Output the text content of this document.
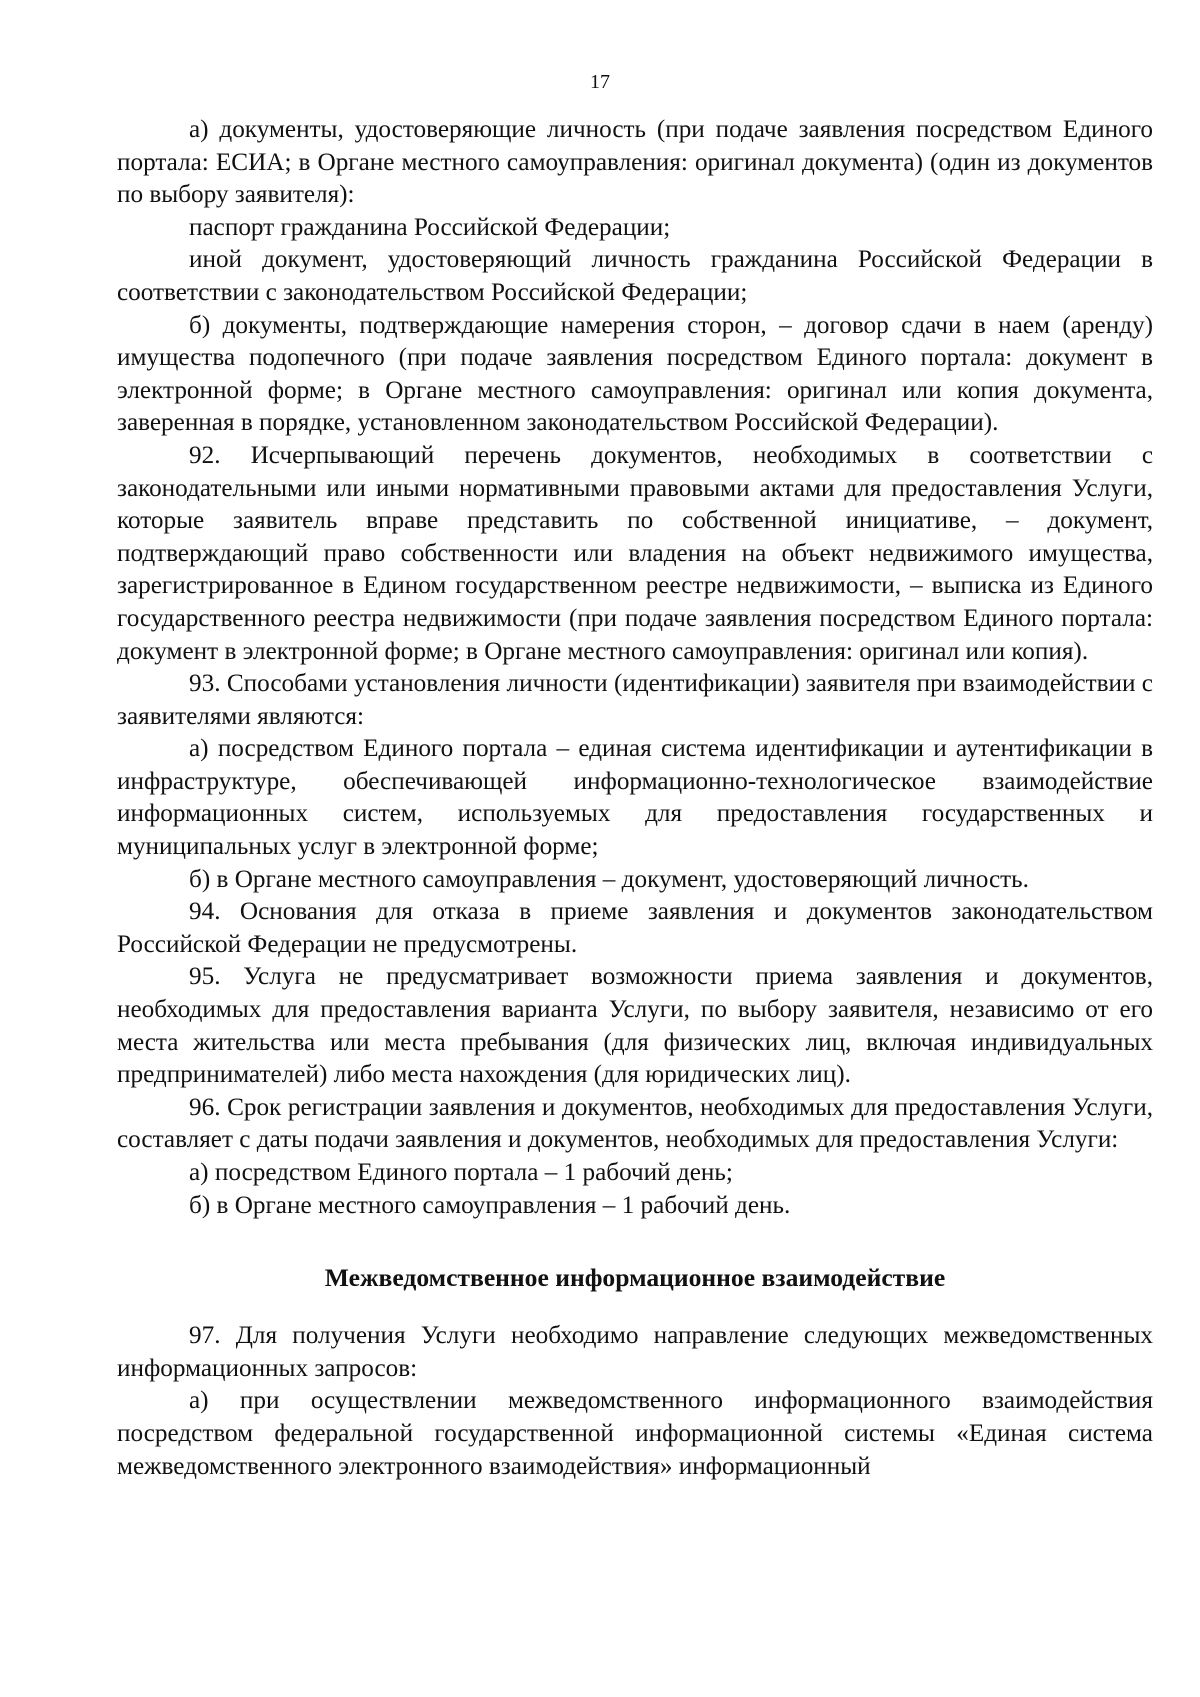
17

а) документы, удостоверяющие личность (при подаче заявления посредством Единого портала: ЕСИА; в Органе местного самоуправления: оригинал документа) (один из документов по выбору заявителя):

паспорт гражданина Российской Федерации;

иной документ, удостоверяющий личность гражданина Российской Федерации в соответствии с законодательством Российской Федерации;

б) документы, подтверждающие намерения сторон, – договор сдачи в наем (аренду) имущества подопечного (при подаче заявления посредством Единого портала: документ в электронной форме; в Органе местного самоуправления: оригинал или копия документа, заверенная в порядке, установленном законодательством Российской Федерации).

92. Исчерпывающий перечень документов, необходимых в соответствии с законодательными или иными нормативными правовыми актами для предоставления Услуги, которые заявитель вправе представить по собственной инициативе, – документ, подтверждающий право собственности или владения на объект недвижимого имущества, зарегистрированное в Едином государственном реестре недвижимости, – выписка из Единого государственного реестра недвижимости (при подаче заявления посредством Единого портала: документ в электронной форме; в Органе местного самоуправления: оригинал или копия).

93. Способами установления личности (идентификации) заявителя при взаимодействии с заявителями являются:

а) посредством Единого портала – единая система идентификации и аутентификации в инфраструктуре, обеспечивающей информационно-технологическое взаимодействие информационных систем, используемых для предоставления государственных и муниципальных услуг в электронной форме;

б) в Органе местного самоуправления – документ, удостоверяющий личность.

94. Основания для отказа в приеме заявления и документов законодательством Российской Федерации не предусмотрены.

95. Услуга не предусматривает возможности приема заявления и документов, необходимых для предоставления варианта Услуги, по выбору заявителя, независимо от его места жительства или места пребывания (для физических лиц, включая индивидуальных предпринимателей) либо места нахождения (для юридических лиц).

96. Срок регистрации заявления и документов, необходимых для предоставления Услуги, составляет с даты подачи заявления и документов, необходимых для предоставления Услуги:

а) посредством Единого портала – 1 рабочий день;

б) в Органе местного самоуправления – 1 рабочий день.

Межведомственное информационное взаимодействие

97. Для получения Услуги необходимо направление следующих межведомственных информационных запросов:

а) при осуществлении межведомственного информационного взаимодействия посредством федеральной государственной информационной системы «Единая система межведомственного электронного взаимодействия» информационный
